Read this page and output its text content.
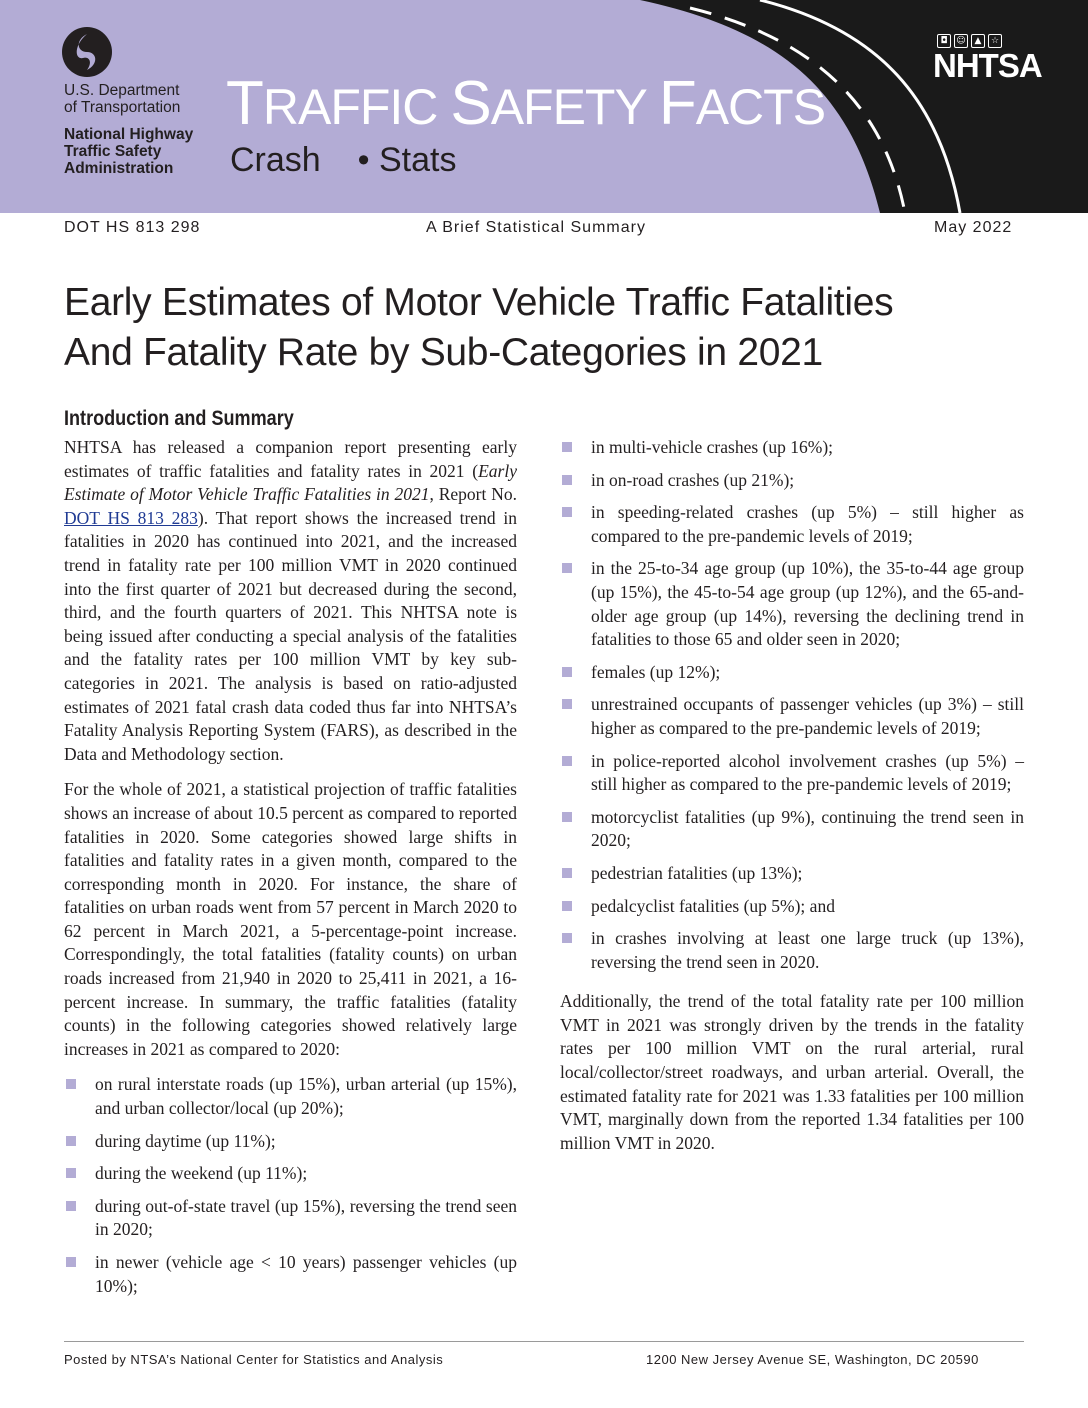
U.S. Department
of Transportation
National Highway
Traffic Safety
Administration
TRAFFIC SAFETY FACTS
Crash • Stats
◘ ☺ ▲	☆
NHTSA
DOT HS 813 298	A Brief Statistical Summary	May 2022
Early Estimates of Motor Vehicle Traffic Fatalities
And Fatality Rate by Sub-Categories in 2021
Introduction and Summary

NHTSA has released a companion report presenting early estimates of traffic fatalities and fatality rates in 2021 (Early Estimate of Motor Vehicle Traffic Fatalities in 2021, Report No. DOT HS 813 283). That report shows the increased trend in fatalities in 2020 has continued into 2021, and the increased trend in fatality rate per 100 million VMT in 2020 continued into the first quarter of 2021 but decreased during the second, third, and the fourth quarters of 2021. This NHTSA note is being issued after conducting a special analysis of the fatalities and the fatality rates per 100 million VMT by key sub-categories in 2021. The analysis is based on ratio-adjusted estimates of 2021 fatal crash data coded thus far into NHTSA’s Fatality Analysis Reporting System (FARS), as described in the Data and Methodology section.

For the whole of 2021, a statistical projection of traffic fatalities shows an increase of about 10.5 percent as compared to reported fatalities in 2020. Some categories showed large shifts in fatalities and fatality rates in a given month, compared to the corresponding month in 2020. For instance, the share of fatalities on urban roads went from 57 percent in March 2020 to 62 percent in March 2021, a 5-percentage-point increase. Correspondingly, the total fatalities (fatality counts) on urban roads increased from 21,940 in 2020 to 25,411 in 2021, a 16-percent increase. In summary, the traffic fatalities (fatality counts) in the following categories showed relatively large increases in 2021 as compared to 2020:

on rural interstate roads (up 15%), urban arterial (up 15%), and urban collector/local (up 20%);
during daytime (up 11%);
during the weekend (up 11%);
during out-of-state travel (up 15%), reversing the trend seen in 2020;
in newer (vehicle age < 10 years) passenger vehicles (up 10%);
in multi-vehicle crashes (up 16%);
in on-road crashes (up 21%);
in speeding-related crashes (up 5%) – still higher as compared to the pre-pandemic levels of 2019;
in the 25-to-34 age group (up 10%), the 35-to-44 age group (up 15%), the 45-to-54 age group (up 12%), and the 65-and-older age group (up 14%), reversing the declining trend in fatalities to those 65 and older seen in 2020;
females (up 12%);
unrestrained occupants of passenger vehicles (up 3%) – still higher as compared to the pre-pandemic levels of 2019;
in police-reported alcohol involvement crashes (up 5%) – still higher as compared to the pre-pandemic levels of 2019;
motorcyclist fatalities (up 9%), continuing the trend seen in 2020;
pedestrian fatalities (up 13%);
pedalcyclist fatalities (up 5%); and
in crashes involving at least one large truck (up 13%), reversing the trend seen in 2020.

Additionally, the trend of the total fatality rate per 100 million VMT in 2021 was strongly driven by the trends in the fatality rates per 100 million VMT on the rural arterial, rural local/collector/street roadways, and urban arterial. Overall, the estimated fatality rate for 2021 was 1.33 fatalities per 100 million VMT, marginally down from the reported 1.34 fatalities per 100 million VMT in 2020.

Posted by NTSA’s National Center for Statistics and Analysis	1200 New Jersey Avenue SE, Washington, DC 20590
